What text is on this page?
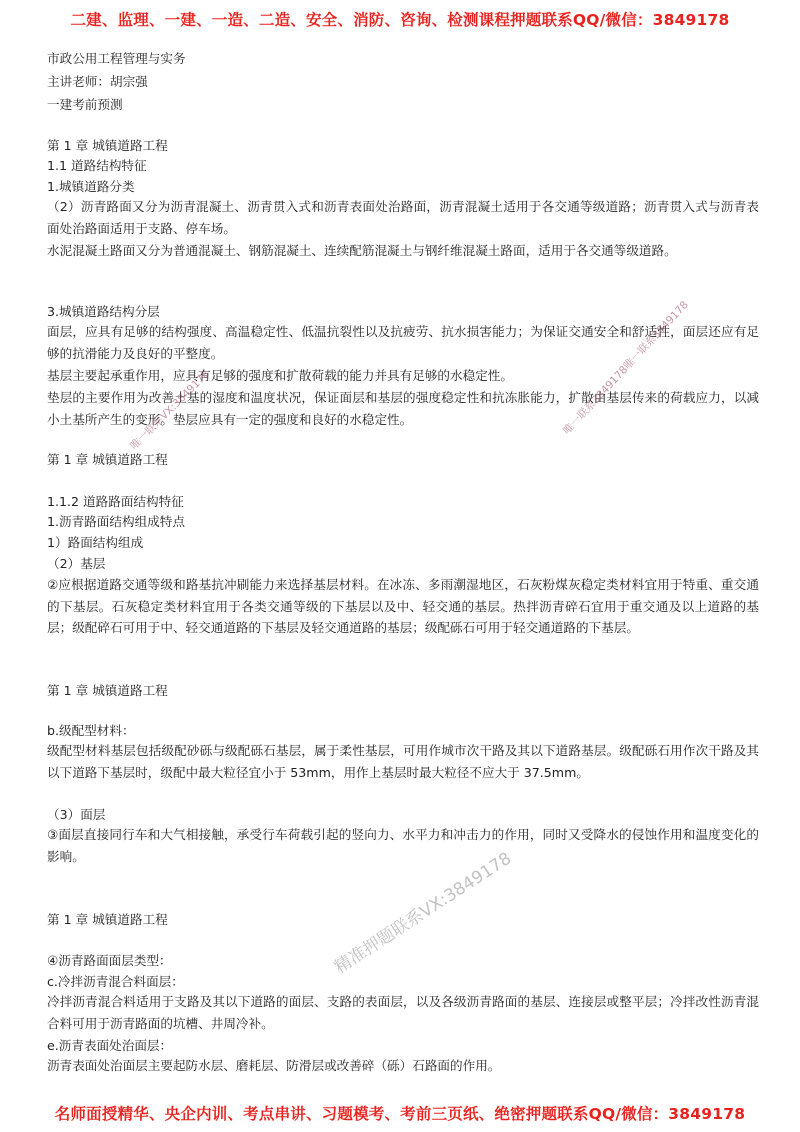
二建、监理、一建、一造、二造、安全、消防、咨询、检测课程押题联系QQ/微信：3849178
市政公用工程管理与实务
主讲老师：胡宗强
一建考前预测
第 1 章 城镇道路工程
1.1 道路结构特征
1.城镇道路分类
（2）沥青路面又分为沥青混凝土、沥青贯入式和沥青表面处治路面，沥青混凝土适用于各交通等级道路；沥青贯入式与沥青表面处治路面适用于支路、停车场。
水泥混凝土路面又分为普通混凝土、钢筋混凝土、连续配筋混凝土与钢纤维混凝土路面，适用于各交通等级道路。
3.城镇道路结构分层
面层，应具有足够的结构强度、高温稳定性、低温抗裂性以及抗疲劳、抗水损害能力；为保证交通安全和舒适性，面层还应有足够的抗滑能力及良好的平整度。
基层主要起承重作用，应具有足够的强度和扩散荷载的能力并具有足够的水稳定性。
垫层的主要作用为改善土基的湿度和温度状况，保证面层和基层的强度稳定性和抗冻胀能力，扩散由基层传来的荷载应力，以减小土基所产生的变形。垫层应具有一定的强度和良好的水稳定性。
第 1 章 城镇道路工程
1.1.2 道路路面结构特征
1.沥青路面结构组成特点
1）路面结构组成
（2）基层
②应根据道路交通等级和路基抗冲刷能力来选择基层材料。在冰冻、多雨潮湿地区，石灰粉煤灰稳定类材料宜用于特重、重交通的下基层。石灰稳定类材料宜用于各类交通等级的下基层以及中、轻交通的基层。热拌沥青碎石宜用于重交通及以上道路的基层；级配碎石可用于中、轻交通道路的下基层及轻交通道路的基层；级配砾石可用于轻交通道路的下基层。
第 1 章 城镇道路工程
b.级配型材料：
级配型材料基层包括级配砂砾与级配砾石基层，属于柔性基层，可用作城市次干路及其以下道路基层。级配砾石用作次干路及其以下道路下基层时，级配中最大粒径宜小于 53mm，用作上基层时最大粒径不应大于 37.5mm。
（3）面层
③面层直接同行车和大气相接触，承受行车荷载引起的竖向力、水平力和冲击力的作用，同时又受降水的侵蚀作用和温度变化的影响。
第 1 章 城镇道路工程
④沥青路面面层类型：
c.冷拌沥青混合料面层：
冷拌沥青混合料适用于支路及其以下道路的面层、支路的表面层，以及各级沥青路面的基层、连接层或整平层；冷拌改性沥青混合料可用于沥青路面的坑槽、井周冷补。
e.沥青表面处治面层：
沥青表面处治面层主要起防水层、磨耗层、防滑层或改善碎（砾）石路面的作用。
精准押题联系VX:3849178
唯一联系3849178唯一联系3849178
唯一联系VX:3849178
名师面授精华、央企内训、考点串讲、习题模考、考前三页纸、绝密押题联系QQ/微信：3849178
